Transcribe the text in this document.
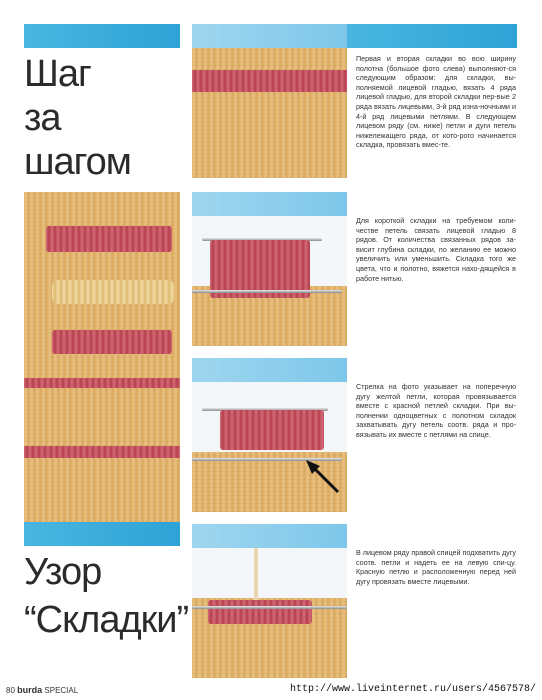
Шаг
за
шагом
Узор
“Складки”
Первая и вторая складки во всю ширину полотна (большое фото слева) выполняют-ся следующим образом: для складки, вы-полняемой лицевой гладью, вязать 4 ряда лицевой гладью, для второй складки пер-вые 2 ряда вязать лицевыми, 3-й ряд изна-ночными и 4-й ряд лицевыми петлями. В следующем лицевом ряду (см. ниже) петли и дуги петель нижележащего ряда, от кото-рого начинается складка, провязать вмес-те.
Для короткой складки на требуемом коли-честве петель связать лицевой гладью 8 рядов. От количества связанных рядов за-висит глубина складки, по желанию ее можно увеличить или уменьшить. Складка того же цвета, что и полотно, вяжется нахо-дящейся в работе нитью.
Стрелка на фото указывает на поперечную дугу желтой петли, которая провязывается вместе с красной петлей складки. При вы-полнении одноцветных с полотном складок захватывать дугу петель соотв. ряда и про-вязывать их вместе с петлями на спице.
В лицевом ряду правой спицей подхватить дугу соотв. петли и надеть ее на левую спи-цу. Красную петлю и расположенную перед ней дугу провязать вместе лицевыми.
80 burda SPECIAL	http://www.liveinternet.ru/users/4567578/
